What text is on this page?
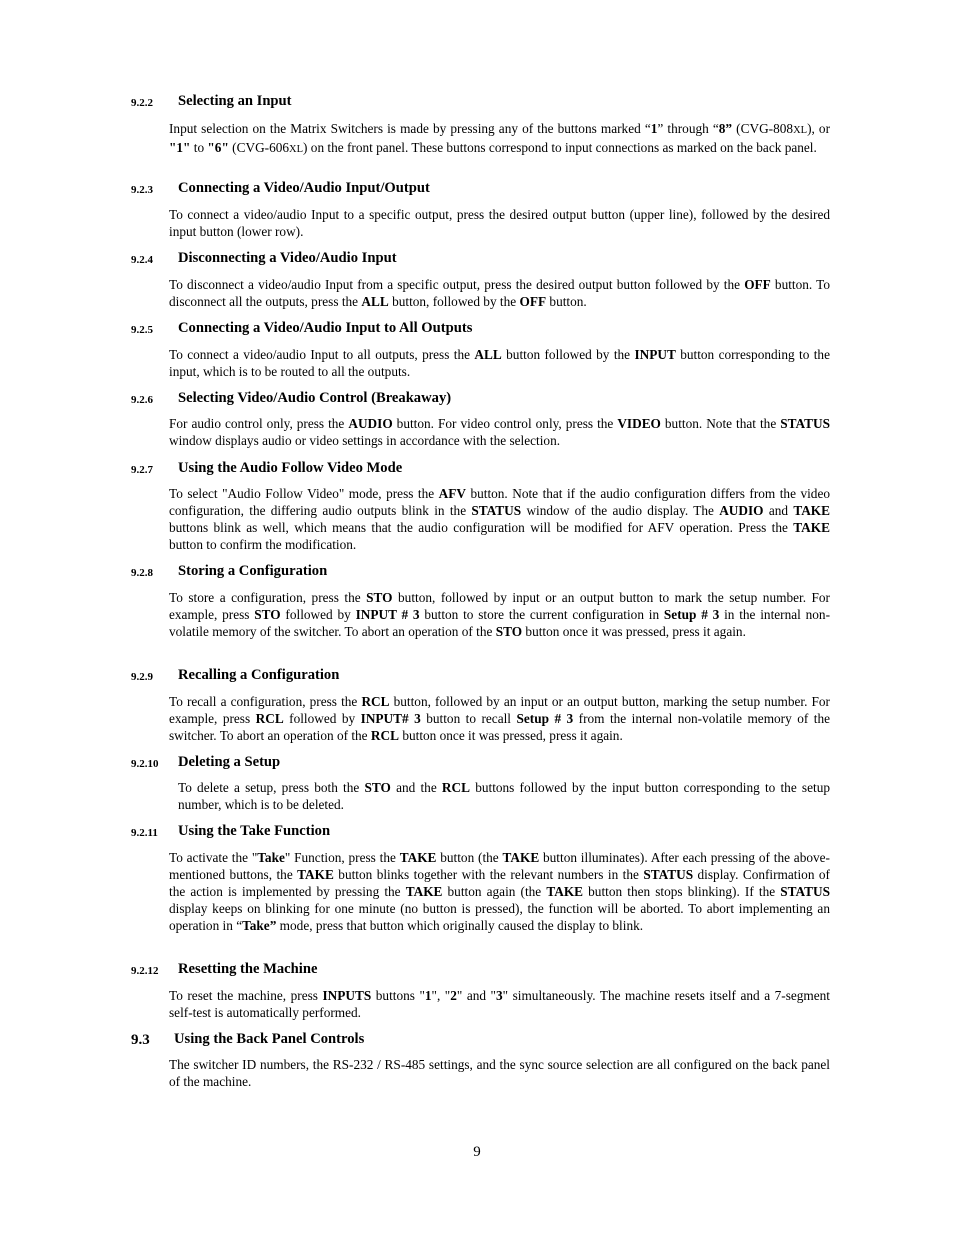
9.2.2 Selecting an Input
Input selection on the Matrix Switchers is made by pressing any of the buttons marked “1” through “8” (CVG-808XL), or "1" to "6" (CVG-606XL) on the front panel. These buttons correspond to input connections as marked on the back panel.
9.2.3 Connecting a Video/Audio Input/Output
To connect a video/audio Input to a specific output, press the desired output button (upper line), followed by the desired input button (lower row).
9.2.4 Disconnecting a Video/Audio Input
To disconnect a video/audio Input from a specific output, press the desired output button followed by the OFF button. To disconnect all the outputs, press the ALL button, followed by the OFF button.
9.2.5 Connecting a Video/Audio Input to All Outputs
To connect a video/audio Input to all outputs, press the ALL button followed by the INPUT button corresponding to the input, which is to be routed to all the outputs.
9.2.6 Selecting Video/Audio Control (Breakaway)
For audio control only, press the AUDIO button. For video control only, press the VIDEO button. Note that the STATUS window displays audio or video settings in accordance with the selection.
9.2.7 Using the Audio Follow Video Mode
To select "Audio Follow Video" mode, press the AFV button. Note that if the audio configuration differs from the video configuration, the differing audio outputs blink in the STATUS window of the audio display. The AUDIO and TAKE buttons blink as well, which means that the audio configuration will be modified for AFV operation. Press the TAKE button to confirm the modification.
9.2.8 Storing a Configuration
To store a configuration, press the STO button, followed by input or an output button to mark the setup number. For example, press STO followed by INPUT # 3 button to store the current configuration in Setup # 3 in the internal non-volatile memory of the switcher. To abort an operation of the STO button once it was pressed, press it again.
9.2.9 Recalling a Configuration
To recall a configuration, press the RCL button, followed by an input or an output button, marking the setup number. For example, press RCL followed by INPUT# 3 button to recall Setup # 3 from the internal non-volatile memory of the switcher. To abort an operation of the RCL button once it was pressed, press it again.
9.2.10 Deleting a Setup
To delete a setup, press both the STO and the RCL buttons followed by the input button corresponding to the setup number, which is to be deleted.
9.2.11 Using the Take Function
To activate the "Take" Function, press the TAKE button (the TAKE button illuminates). After each pressing of the above-mentioned buttons, the TAKE button blinks together with the relevant numbers in the STATUS display. Confirmation of the action is implemented by pressing the TAKE button again (the TAKE button then stops blinking). If the STATUS display keeps on blinking for one minute (no button is pressed), the function will be aborted. To abort implementing an operation in “Take” mode, press that button which originally caused the display to blink.
9.2.12 Resetting the Machine
To reset the machine, press INPUTS buttons "1", "2" and "3" simultaneously. The machine resets itself and a 7-segment self-test is automatically performed.
9.3 Using the Back Panel Controls
The switcher ID numbers, the RS-232 / RS-485 settings, and the sync source selection are all configured on the back panel of the machine.
9
